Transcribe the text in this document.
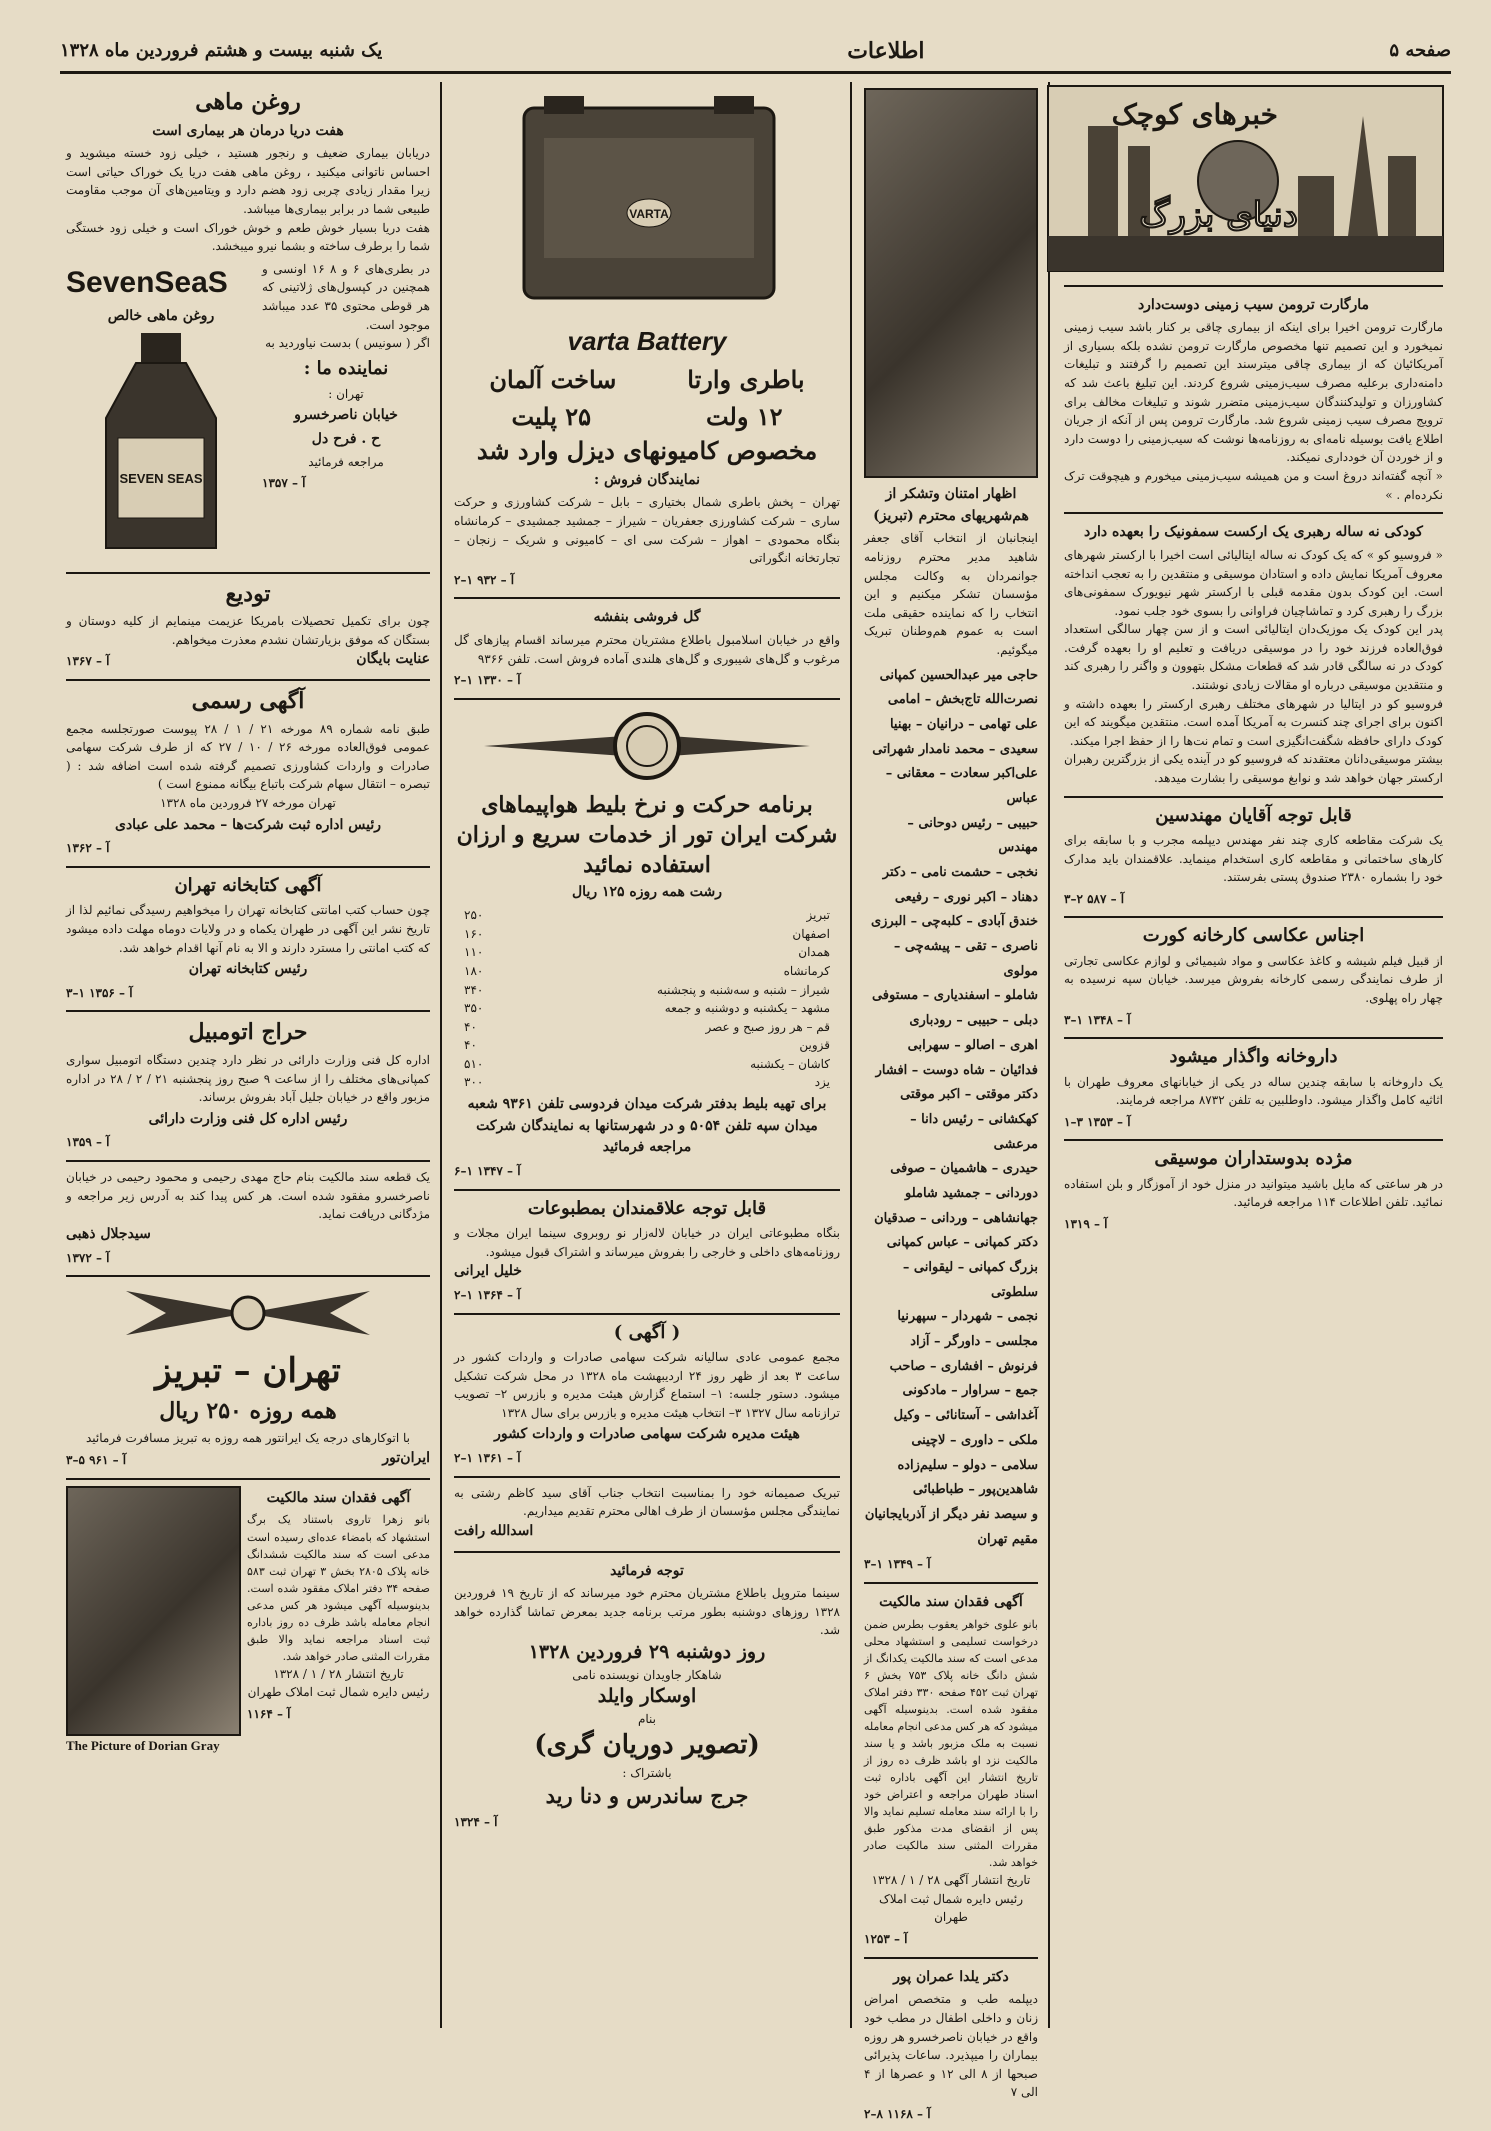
صفحه ۵
اطلاعات
یک شنبه بیست و هشتم فروردین ماه ۱۳۲۸
خبرهای کوچک
دنیای بزرگ
مارگارت ترومن سیب زمینی دوست‌دارد
مارگارت ترومن اخیرا برای اینکه از بیماری چاقی بر کنار باشد سیب زمینی نمیخورد و این تصمیم تنها مخصوص مارگارت ترومن نشده بلکه بسیاری از آمریکائیان که از بیماری چاقی میترسند این تصمیم را گرفتند و تبلیغات دامنه‌داری برعلیه مصرف سیب‌زمینی شروع کردند. این تبلیغ باعث شد که کشاورزان و تولیدکنندگان سیب‌زمینی متضرر شوند و تبلیغات مخالف برای ترویج مصرف سیب زمینی شروع شد. مارگارت ترومن پس از آنکه از جریان اطلاع یافت بوسیله نامه‌ای به روزنامه‌ها نوشت که سیب‌زمینی را دوست دارد و از خوردن آن خودداری نمیکند.
« آنچه گفته‌اند دروغ است و من همیشه سیب‌زمینی میخورم و هیچوقت ترک نکرده‌ام . »
کودکی نه ساله رهبری یک ارکست سمفونیک را بعهده دارد
« فروسیو کو » که یک کودک نه ساله ایتالیائی است اخیرا با ارکستر شهرهای معروف آمریکا نمایش داده و استادان موسیقی و منتقدین را به تعجب انداخته است. این کودک بدون مقدمه قبلی با ارکستر شهر نیویورک سمفونی‌های بزرگ را رهبری کرد و تماشاچیان فراوانی را بسوی خود جلب نمود.
پدر این کودک یک موزیک‌دان ایتالیائی است و از سن چهار سالگی استعداد فوق‌العاده فرزند خود را در موسیقی دریافت و تعلیم او را بعهده گرفت. کودک در نه سالگی قادر شد که قطعات مشکل بتهوون و واگنر را رهبری کند و منتقدین موسیقی درباره او مقالات زیادی نوشتند.
فروسیو کو در ایتالیا در شهرهای مختلف رهبری ارکستر را بعهده داشته و اکنون برای اجرای چند کنسرت به آمریکا آمده است. منتقدین میگویند که این کودک دارای حافظه شگفت‌انگیزی است و تمام نت‌ها را از حفظ اجرا میکند.
بیشتر موسیقی‌دانان معتقدند که فروسیو کو در آینده یکی از بزرگترین رهبران ارکستر جهان خواهد شد و نوابغ موسیقی را بشارت میدهد.
قابل توجه آقایان مهندسین
یک شرکت مقاطعه کاری چند نفر مهندس دیپلمه مجرب و با سابقه برای کارهای ساختمانی و مقاطعه کاری استخدام مینماید. علاقمندان باید مدارک خود را بشماره ۲۳۸۰ صندوق پستی بفرستند.
آ – ۵۸۷ ۲–۳
اجناس عکاسی کارخانه کورت
از قبیل فیلم شیشه و کاغذ عکاسی و مواد شیمیائی و لوازم عکاسی تجارتی از طرف نمایندگی رسمی کارخانه بفروش میرسد. خیابان سپه نرسیده به چهار راه پهلوی.
آ – ۱۳۴۸ ۱–۳
داروخانه واگذار میشود
یک داروخانه با سابقه چندین ساله در یکی از خیابانهای معروف طهران با اثاثیه کامل واگذار میشود. داوطلبین به تلفن ۸۷۳۲ مراجعه فرمایند.
آ – ۱۳۵۳ ۳–۱
مژده بدوستداران موسیقی
در هر ساعتی که مایل باشید میتوانید در منزل خود از آموزگار و بلن استفاده نمائید. تلفن اطلاعات ۱۱۴ مراجعه فرمائید.
آ – ۱۳۱۹
اظهار امتنان وتشکر از هم‌شهریهای محترم (تبریز)
اینجانبان از انتخاب آقای جعفر شاهید مدیر محترم روزنامه جوانمردان به وکالت مجلس مؤسسان تشکر میکنیم و این انتخاب را که نماینده حقیقی ملت است به عموم هم‌وطنان تبریک میگوئیم.
حاجی میر عبدالحسین کمپانی
نصرت‌الله تاج‌بخش – امامی
علی تهامی – درانیان – بهنیا
سعیدی – محمد نامدار شهراتی
علی‌اکبر سعادت – معقانی – عباس
حبیبی – رئیس دوحانی – مهندس
نخجی – حشمت نامی – دکتر
دهناد – اکبر نوری – رفیعی
خندق آبادی – کلبه‌چی – البرزی
ناصری – تقی – پیشه‌چی – مولوی
شاملو – اسفندیاری – مستوفی
دبلی – حبیبی – رودباری
اهری – اصالو – سهرابی
فدائیان – شاه دوست – افشار
دکتر موقتی – اکبر موقتی
کهکشانی – رئیس دانا – مرعشی
حیدری – هاشمیان – صوفی
دوردانی – جمشید شاملو
جهانشاهی – وردانی – صدقیان
دکتر کمپانی – عباس کمپانی
بزرگ کمپانی – لیقوانی – سلطوتی
نجمی – شهردار – سپهرنیا
مجلسی – داورگر – آزاد
فرنوش – افشاری – صاحب
جمع – سراوار – مادکونی
آغداشی – آستانائی – وکیل
ملکی – داوری – لاچینی
سلامی – دولو – سلیم‌زاده
شاهدین‌پور – طباطبائی
و سیصد نفر دیگر از آذربایجانیان مقیم تهران
آ – ۱۳۴۹ ۱–۳
آگهی فقدان سند مالکیت
بانو علوی خواهر یعقوب بطرس ضمن درخواست تسلیمی و استشهاد محلی مدعی است که سند مالکیت یکدانگ از شش دانگ خانه پلاک ۷۵۳ بخش ۶ تهران ثبت ۴۵۲ صفحه ۳۳۰ دفتر املاک مفقود شده است. بدینوسیله آگهی میشود که هر کس مدعی انجام معامله نسبت به ملک مزبور باشد و یا سند مالکیت نزد او باشد ظرف ده روز از تاریخ انتشار این آگهی باداره ثبت اسناد طهران مراجعه و اعتراض خود را با ارائه سند معامله تسلیم نماید والا پس از انقضای مدت مذکور طبق مقررات المثنی سند مالکیت صادر خواهد شد.
تاریخ انتشار آگهی ۲۸ / ۱ / ۱۳۲۸
رئیس دایره شمال ثبت املاک طهران
آ – ۱۲۵۳
دکتر یلدا عمران پور
دیپلمه طب و متخصص امراض زنان و داخلی اطفال در مطب خود واقع در خیابان ناصرخسرو هر روزه بیماران را میپذیرد. ساعات پذیرائی صبحها از ۸ الی ۱۲ و عصرها از ۴ الی ۷
آ – ۱۱۶۸ ۸–۲
VARTA
varta Battery
باطری وارتا
ساخت آلمان
۱۲ ولت
۲۵ پلیت
مخصوص کامیونهای دیزل وارد شد
نمایندگان فروش :
تهران – پخش باطری شمال بختیاری – بابل – شرکت کشاورزی و حرکت ساری – شرکت کشاورزی جعفریان – شیراز – جمشید جمشیدی – کرمانشاه بنگاه محمودی – اهواز – شرکت سی ای – کامیونی و شریک – زنجان – تجارتخانه انگوراتی
آ – ۹۳۲ ۱–۲
گل فروشی بنفشه
واقع در خیابان اسلامبول باطلاع مشتریان محترم میرساند اقسام پیازهای گل مرغوب و گل‌های شیبوری و گل‌های هلندی آماده فروش است. تلفن ۹۳۶۶
آ – ۱۳۳۰ ۱–۲
برنامه حرکت و نرخ بلیط هواپیماهای شرکت ایران تور از خدمات سریع و ارزان استفاده نمائید
رشت همه روزه ۱۲۵ ریال
تبریز
۲۵۰
اصفهان
۱۶۰
همدان
۱۱۰
کرمانشاه
۱۸۰
شیراز – شنبه و سه‌شنبه و پنجشنبه
۳۴۰
مشهد – یکشنبه و دوشنبه و جمعه
۳۵۰
قم – هر روز صبح و عصر
۴۰
قزوین
۴۰
کاشان – یکشنبه
۵۱۰
یزد
۳۰۰
برای تهیه بلیط بدفتر شرکت میدان فردوسی تلفن ۹۳۶۱ شعبه میدان سپه تلفن ۵۰۵۴ و در شهرستانها به نمایندگان شرکت مراجعه فرمائید
آ – ۱۳۴۷ ۱–۶
قابل توجه علاقمندان بمطبوعات
بنگاه مطبوعاتی ایران در خیابان لاله‌زار نو روبروی سینما ایران مجلات و روزنامه‌های داخلی و خارجی را بفروش میرساند و اشتراک قبول میشود.
خلیل ایرانی
آ – ۱۳۶۴ ۱–۲
( آگهی )
مجمع عمومی عادی سالیانه شرکت سهامی صادرات و واردات کشور در ساعت ۳ بعد از ظهر روز ۲۴ اردیبهشت ماه ۱۳۲۸ در محل شرکت تشکیل میشود. دستور جلسه: ۱– استماع گزارش هیئت مدیره و بازرس ۲– تصویب ترازنامه سال ۱۳۲۷ ۳– انتخاب هیئت مدیره و بازرس برای سال ۱۳۲۸
هیئت مدیره شرکت سهامی صادرات و واردات کشور
آ – ۱۳۶۱ ۱–۲
تبریک صمیمانه خود را بمناسبت انتخاب جناب آقای سید کاظم رشتی به نمایندگی مجلس مؤسسان از طرف اهالی محترم تقدیم میداریم.
اسدالله رافت
توجه فرمائید
سینما متروپل باطلاع مشتریان محترم خود میرساند که از تاریخ ۱۹ فروردین ۱۳۲۸ روزهای دوشنبه بطور مرتب برنامه جدید بمعرض تماشا گذارده خواهد شد.
روز دوشنبه ۲۹ فروردین ۱۳۲۸
شاهکار جاویدان نویسنده نامی
اوسکار وایلد
بنام
(تصویر دوریان گری)
باشتراک :
جرج ساندرس و دنا رید
آ – ۱۳۲۴
روغن ماهی
هفت دریا درمان هر بیماری است
دریابان بیماری ضعیف و رنجور هستید ، خیلی زود خسته میشوید و احساس ناتوانی میکنید ، روغن ماهی هفت دریا یک خوراک حیاتی است زیرا مقدار زیادی چربی زود هضم دارد و ویتامین‌های آن موجب مقاومت طبیعی شما در برابر بیماری‌ها میباشد.
هفت دریا بسیار خوش طعم و خوش خوراک است و خیلی زود خستگی شما را برطرف ساخته و بشما نیرو میبخشد.
SevenSeaS
روغن ماهی خالص
SEVEN SEAS
در بطری‌های ۶ و ۸ ۱۶ اونسی و همچنین در کپسول‌های ژلاتینی که هر قوطی محتوی ۳۵ عدد میباشد موجود است.
اگر ( سونیس ) بدست نیاوردید به
نماینده ما :
تهران :
خیابان ناصرخسرو
ح . فرح دل
مراجعه فرمائید
آ – ۱۳۵۷
تودیع
چون برای تکمیل تحصیلات بامریکا عزیمت مینمایم از کلیه دوستان و بستگان که موفق بزیارتشان نشدم معذرت میخواهم.
عنایت بایگان
آ – ۱۳۶۷
آگهی رسمی
طبق نامه شماره ۸۹ مورخه ۲۱ / ۱ / ۲۸ پیوست صورتجلسه مجمع عمومی فوق‌العاده مورخه ۲۶ / ۱۰ / ۲۷ که از طرف شرکت سهامی صادرات و واردات کشاورزی تصمیم گرفته شده است اضافه شد : ( تبصره – انتقال سهام شرکت باتباع بیگانه ممنوع است )
تهران مورخه ۲۷ فروردین ماه ۱۳۲۸
رئیس اداره ثبت شرکت‌ها – محمد علی عبادی
آ – ۱۳۶۲
آگهی کتابخانه تهران
چون حساب کتب امانتی کتابخانه تهران را میخواهیم رسیدگی نمائیم لذا از تاریخ نشر این آگهی در طهران یکماه و در ولایات دوماه مهلت داده میشود که کتب امانتی را مسترد دارند و الا به نام آنها اقدام خواهد شد.
رئیس کتابخانه تهران
آ – ۱۳۵۶ ۱–۳
حراج اتومبیل
اداره کل فنی وزارت دارائی در نظر دارد چندین دستگاه اتومبیل سواری کمپانی‌های مختلف را از ساعت ۹ صبح روز پنجشنبه ۲۱ / ۲ / ۲۸ در اداره مزبور واقع در خیابان جلیل آباد بفروش برساند.
رئیس اداره کل فنی وزارت دارائی
آ – ۱۳۵۹
یک قطعه سند مالکیت بنام حاج مهدی رحیمی و محمود رحیمی در خیابان ناصرخسرو مفقود شده است. هر کس پیدا کند به آدرس زیر مراجعه و مژدگانی دریافت نماید.
سیدجلال ذهبی
آ – ۱۳۷۲
تهران – تبریز
همه روزه ۲۵۰ ریال
با اتوکارهای درجه یک ایرانتور همه روزه به تبریز مسافرت فرمائید
ایران‌تور
آ – ۹۶۱ ۵–۳
آگهی فقدان سند مالکیت
بانو زهرا تاروی باستناد یک برگ استشهاد که بامضاء عده‌ای رسیده است مدعی است که سند مالکیت ششدانگ خانه پلاک ۲۸۰۵ بخش ۳ تهران ثبت ۵۸۳ صفحه ۳۴ دفتر املاک مفقود شده است. بدینوسیله آگهی میشود هر کس مدعی انجام معامله باشد ظرف ده روز باداره ثبت اسناد مراجعه نماید والا طبق مقررات المثنی صادر خواهد شد.
تاریخ انتشار ۲۸ / ۱ / ۱۳۲۸
رئیس دایره شمال ثبت املاک طهران
آ – ۱۱۶۴
The Picture of Dorian Gray
